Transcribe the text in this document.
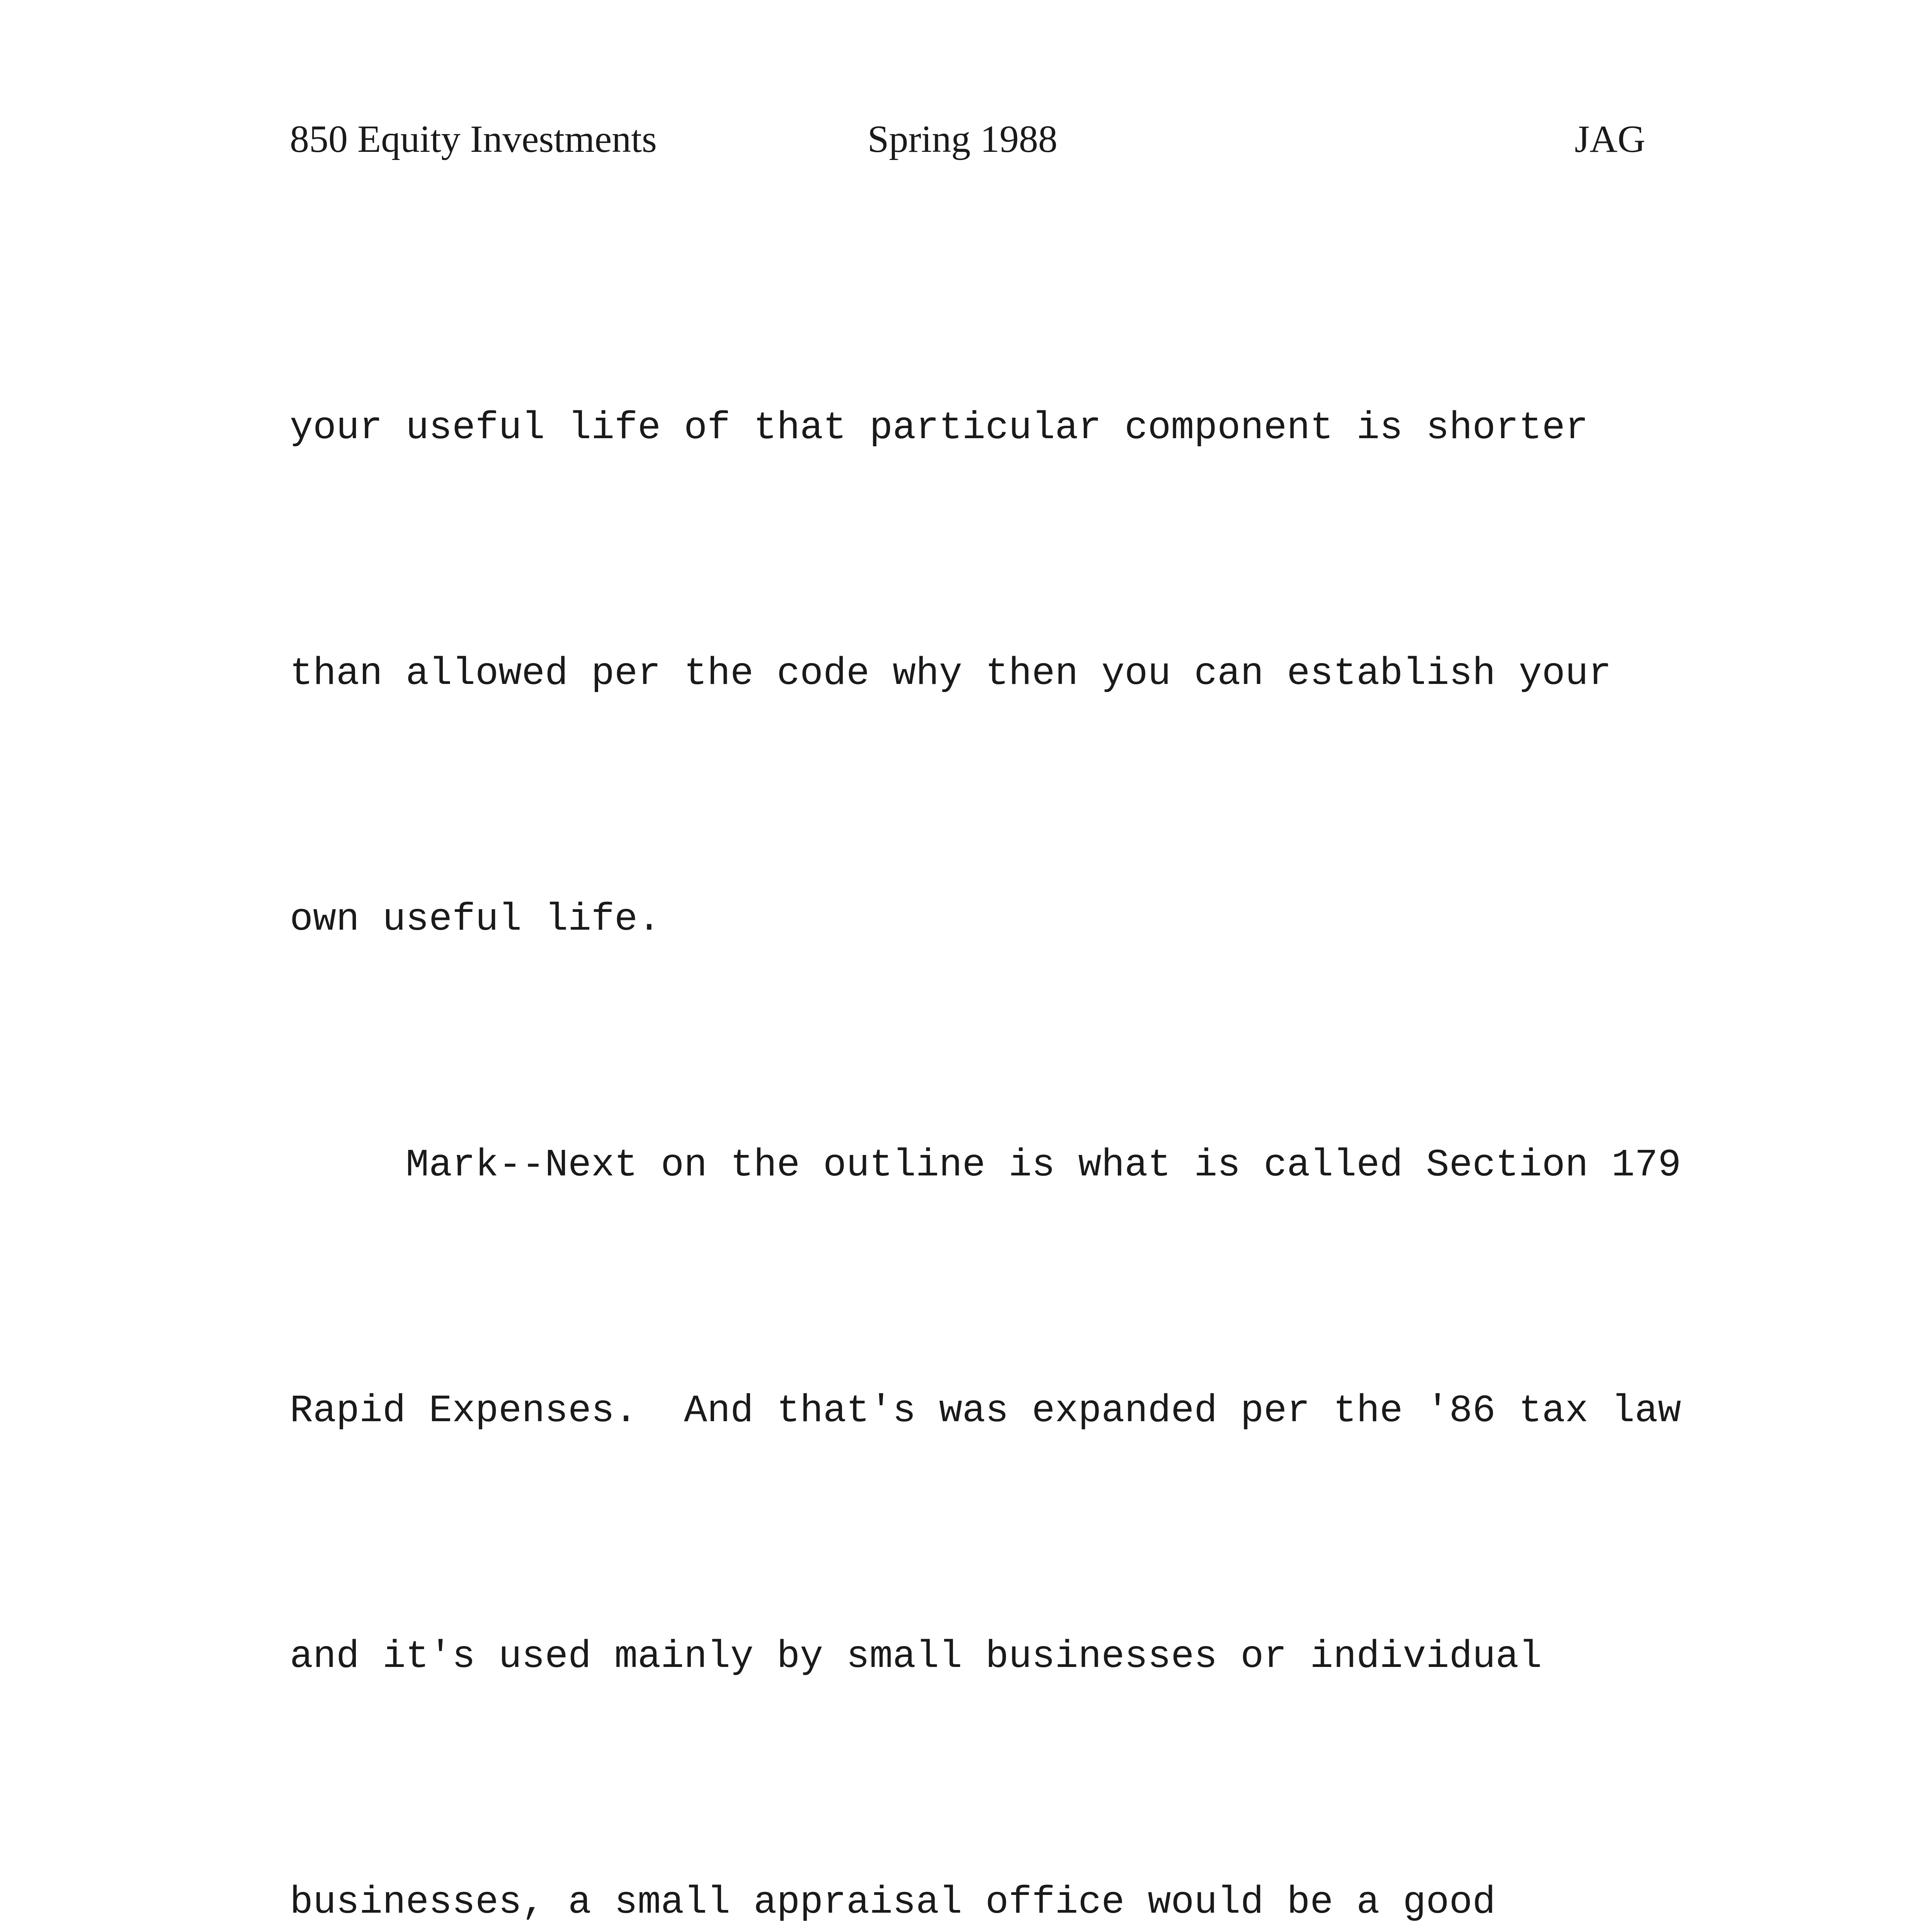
850 Equity Investments	Spring 1988	JAG

your useful life of that particular component is shorter

than allowed per the code why then you can establish your

own useful life.

Mark--Next on the outline is what is called Section 179

Rapid Expenses.  And that's was expanded per the '86 tax law

and it's used mainly by small businesses or individual

businesses, a small appraisal office would be a good
